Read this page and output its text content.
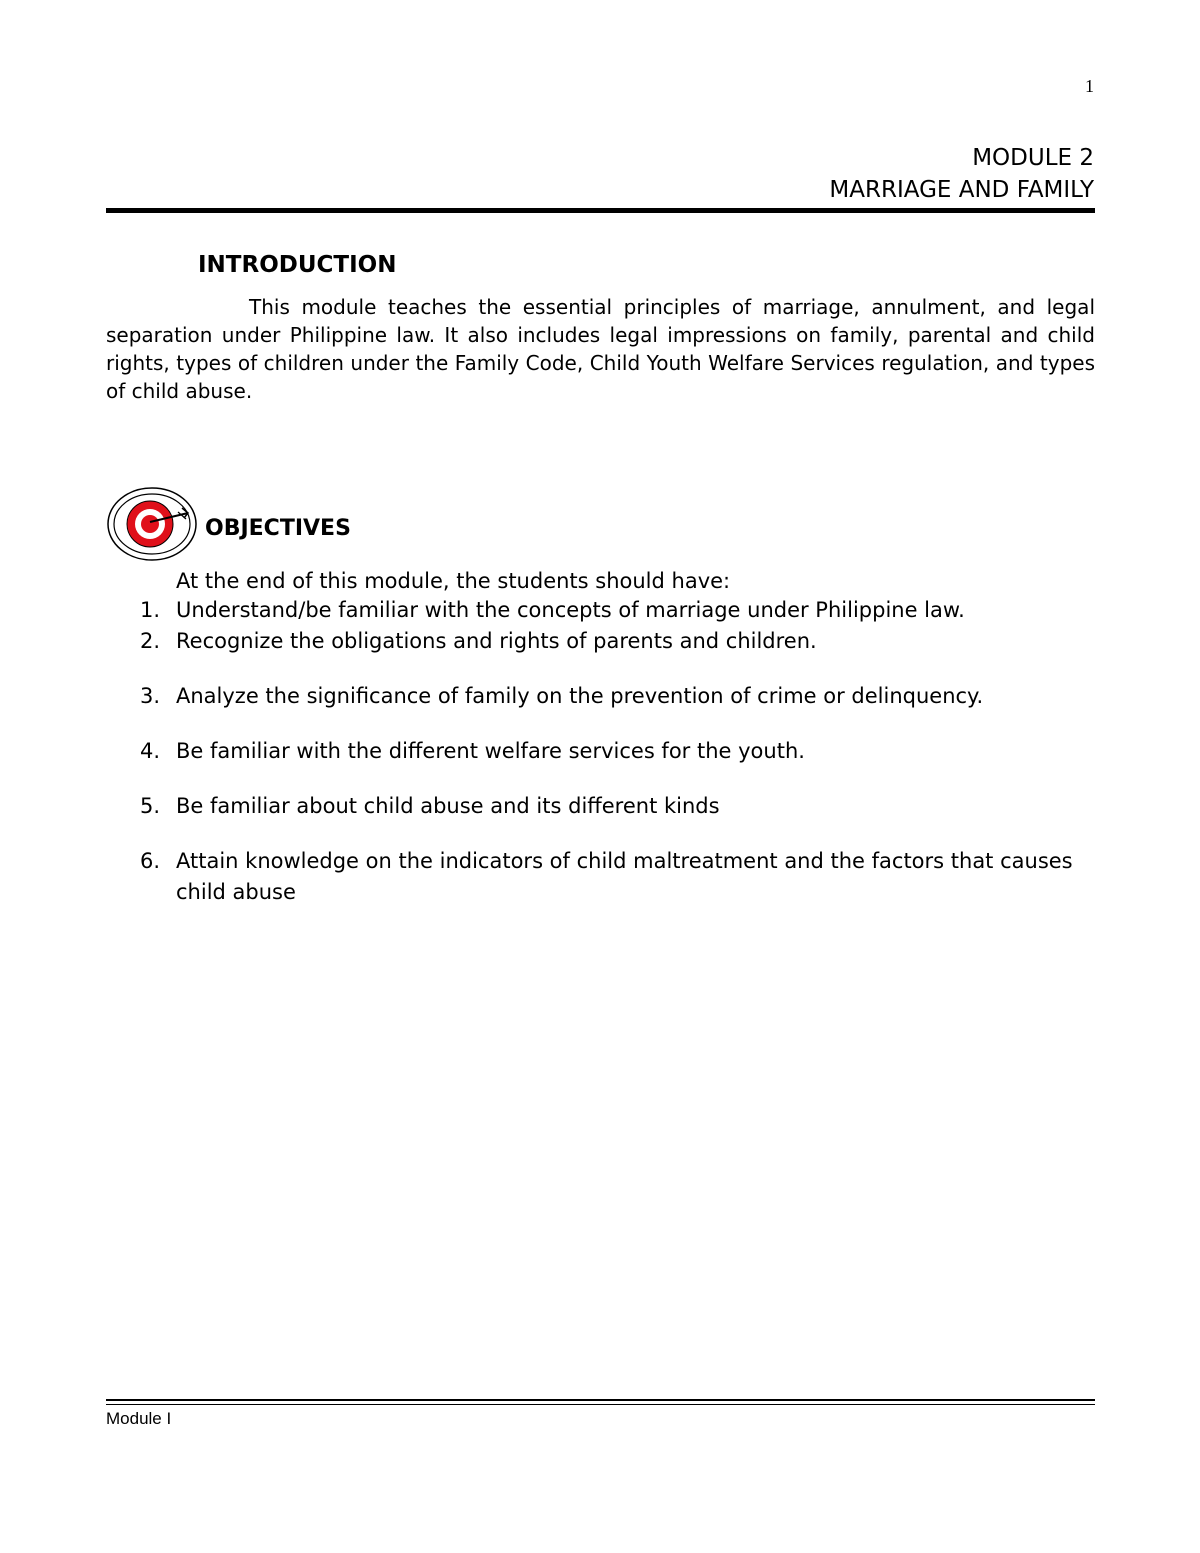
1
MODULE 2
MARRIAGE AND FAMILY
INTRODUCTION

This module teaches the essential principles of marriage, annulment, and legal separation under Philippine law. It also includes legal impressions on family, parental and child rights, types of children under the Family Code, Child Youth Welfare Services regulation, and types of child abuse.

OBJECTIVES
At the end of this module, the students should have:
1. Understand/be familiar with the concepts of marriage under Philippine law.
2. Recognize the obligations and rights of parents and children.
3. Analyze the significance of family on the prevention of crime or delinquency.
4. Be familiar with the different welfare services for the youth.
5. Be familiar about child abuse and its different kinds
6. Attain knowledge on the indicators of child maltreatment and the factors that causes child abuse
Module I
